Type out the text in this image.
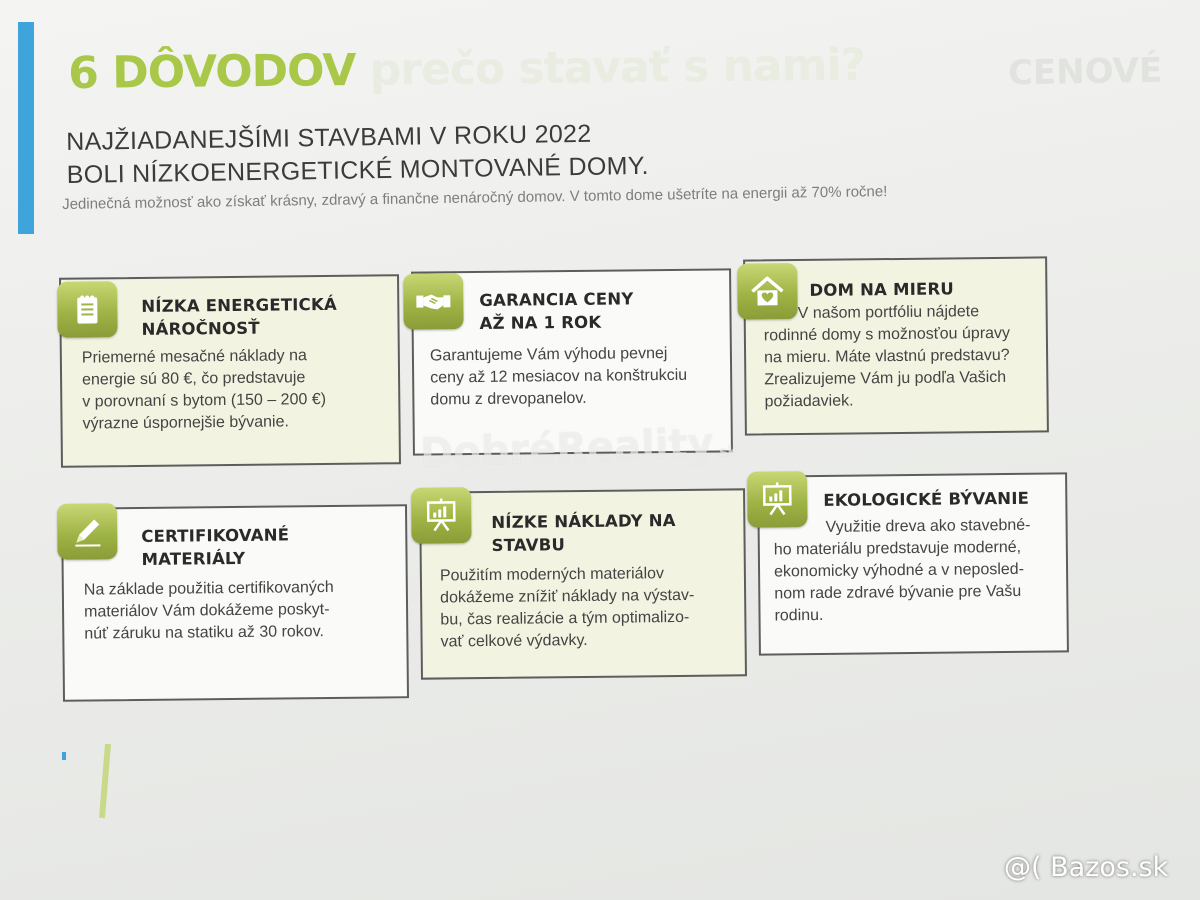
6 DÔVODOV prečo stavať s nami?	CENOVÉ
NAJŽIADANEJŠÍMI STAVBAMI V ROKU 2022
BOLI NÍZKOENERGETICKÉ MONTOVANÉ DOMY.

Jedinečná možnosť ako získať krásny, zdravý a finančne nenáročný domov. V tomto dome ušetríte na energii až 70% ročne!

NÍZKA ENERGETICKÁ
NÁROČNOSŤ

Priemerné mesačné náklady na
energie sú 80 €, čo predstavuje
v porovnaní s bytom (150 – 200 €)
výrazne úspornejšie bývanie.

GARANCIA CENY
AŽ NA 1 ROK

Garantujeme Vám výhodu pevnej
ceny až 12 mesiacov na konštrukciu
domu z drevopanelov.

DOM NA MIERU

V našom portfóliu nájdete
rodinné domy s možnosťou úpravy
na mieru. Máte vlastnú predstavu?
Zrealizujeme Vám ju podľa Vašich
požiadaviek.

CERTIFIKOVANÉ
MATERIÁLY

Na základe použitia certifikovaných
materiálov Vám dokážeme poskyt-
núť záruku na statiku až 30 rokov.

NÍZKE NÁKLADY NA
STAVBU

Použitím moderných materiálov
dokážeme znížiť náklady na výstav-
bu, čas realizácie a tým optimalizo-
vať celkové výdavky.

EKOLOGICKÉ BÝVANIE

Využitie dreva ako stavebné-
ho materiálu predstavuje moderné,
ekonomicky výhodné a v neposled-
nom rade zdravé bývanie pre Vašu
rodinu.

DobréReality.sk
@( Bazos.sk
